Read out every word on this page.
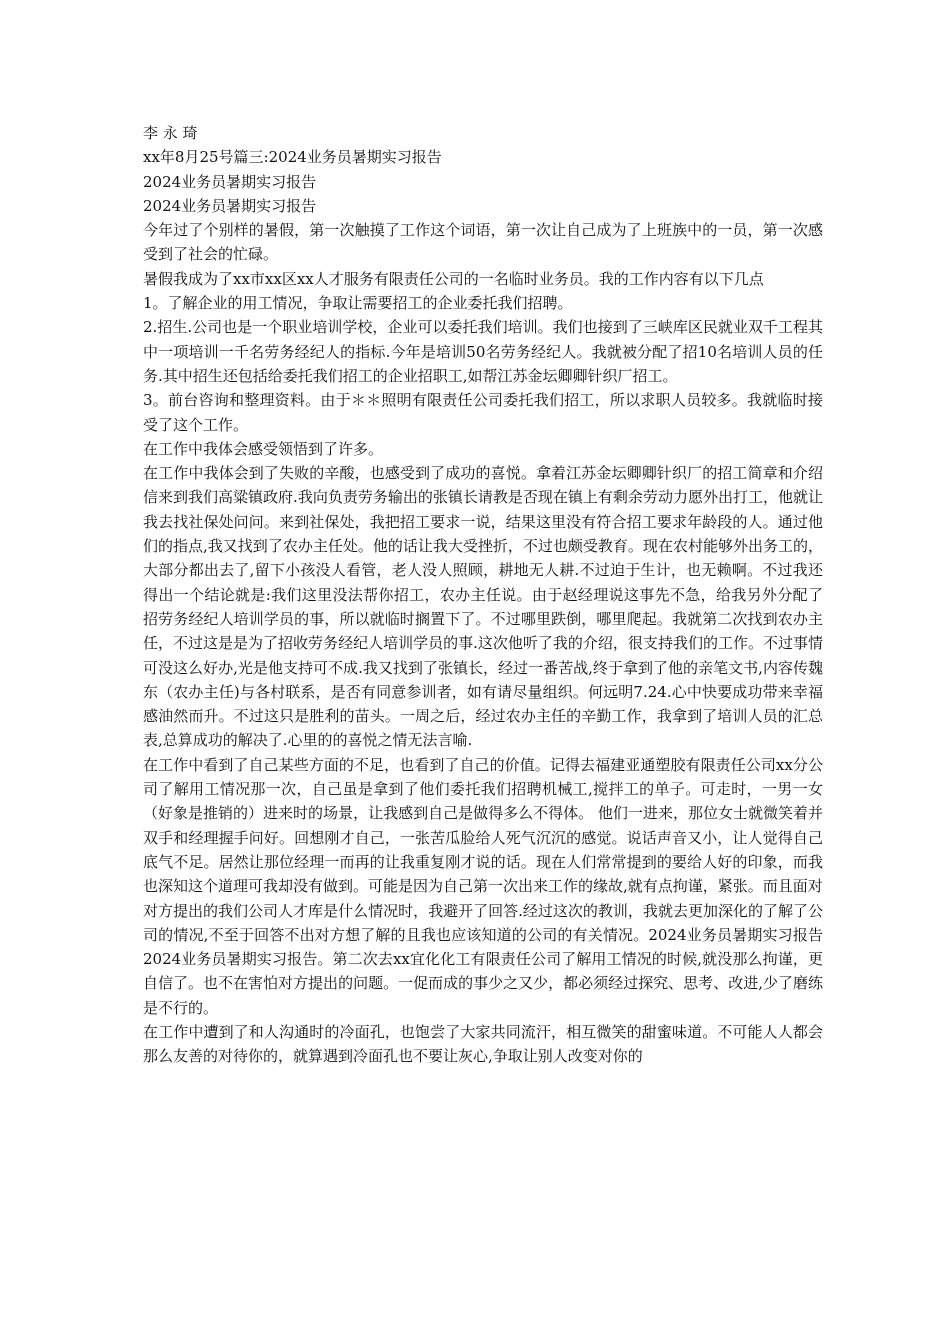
李 永 琦

xx年8月25号篇三:2024业务员暑期实习报告

2024业务员暑期实习报告

2024业务员暑期实习报告

今年过了个别样的暑假，第一次触摸了工作这个词语，第一次让自己成为了上班族中的一员，第一次感受到了社会的忙碌。

暑假我成为了xx市xx区xx人才服务有限责任公司的一名临时业务员。我的工作内容有以下几点

1。了解企业的用工情况，争取让需要招工的企业委托我们招聘。

2.招生.公司也是一个职业培训学校，企业可以委托我们培训。我们也接到了三峡库区民就业双千工程其中一项培训一千名劳务经纪人的指标.今年是培训50名劳务经纪人。我就被分配了招10名培训人员的任务.其中招生还包括给委托我们招工的企业招职工,如帮江苏金坛卿卿针织厂招工。

3。前台咨询和整理资料。由于＊＊照明有限责任公司委托我们招工，所以求职人员较多。我就临时接受了这个工作。

在工作中我体会感受领悟到了许多。

在工作中我体会到了失败的辛酸，也感受到了成功的喜悦。拿着江苏金坛卿卿针织厂的招工简章和介绍信来到我们高粱镇政府.我向负责劳务输出的张镇长请教是否现在镇上有剩余劳动力愿外出打工，他就让我去找社保处问问。来到社保处，我把招工要求一说，结果这里没有符合招工要求年龄段的人。通过他们的指点,我又找到了农办主任处。他的话让我大受挫折，不过也颇受教育。现在农村能够外出务工的，大部分都出去了,留下小孩没人看管，老人没人照顾，耕地无人耕.不过迫于生计，也无赖啊。不过我还得出一个结论就是:我们这里没法帮你招工，农办主任说。由于赵经理说这事先不急，给我另外分配了招劳务经纪人培训学员的事，所以就临时搁置下了。不过哪里跌倒，哪里爬起。我就第二次找到农办主任，不过这是是为了招收劳务经纪人培训学员的事.这次他听了我的介绍，很支持我们的工作。不过事情可没这么好办,光是他支持可不成.我又找到了张镇长，经过一番苦战,终于拿到了他的亲笔文书,内容传魏东（农办主任)与各村联系，是否有同意参训者，如有请尽量组织。何远明7.24.心中快要成功带来幸福感油然而升。不过这只是胜利的苗头。一周之后，经过农办主任的辛勤工作，我拿到了培训人员的汇总表,总算成功的解决了.心里的的喜悦之情无法言喻.

在工作中看到了自己某些方面的不足，也看到了自己的价值。记得去福建亚通塑胶有限责任公司xx分公司了解用工情况那一次，自己虽是拿到了他们委托我们招聘机械工,搅拌工的单子。可走时，一男一女（好象是推销的）进来时的场景，让我感到自己是做得多么不得体。 他们一进来，那位女士就微笑着并双手和经理握手问好。回想刚才自己，一张苦瓜脸给人死气沉沉的感觉。说话声音又小，让人觉得自己底气不足。居然让那位经理一而再的让我重复刚才说的话。现在人们常常提到的要给人好的印象，而我也深知这个道理可我却没有做到。可能是因为自己第一次出来工作的缘故,就有点拘谨，紧张。而且面对

对方提出的我们公司人才库是什么情况时，我避开了回答.经过这次的教训，我就去更加深化的了解了公司的情况,不至于回答不出对方想了解的且我也应该知道的公司的有关情况。2024业务员暑期实习报告2024业务员暑期实习报告。第二次去xx宜化化工有限责任公司了解用工情况的时候,就没那么拘谨，更自信了。也不在害怕对方提出的问题。一促而成的事少之又少，都必须经过探究、思考、改进,少了磨练是不行的。

在工作中遭到了和人沟通时的冷面孔，也饱尝了大家共同流汗，相互微笑的甜蜜味道。不可能人人都会那么友善的对待你的，就算遇到冷面孔也不要让灰心,争取让别人改变对你的
